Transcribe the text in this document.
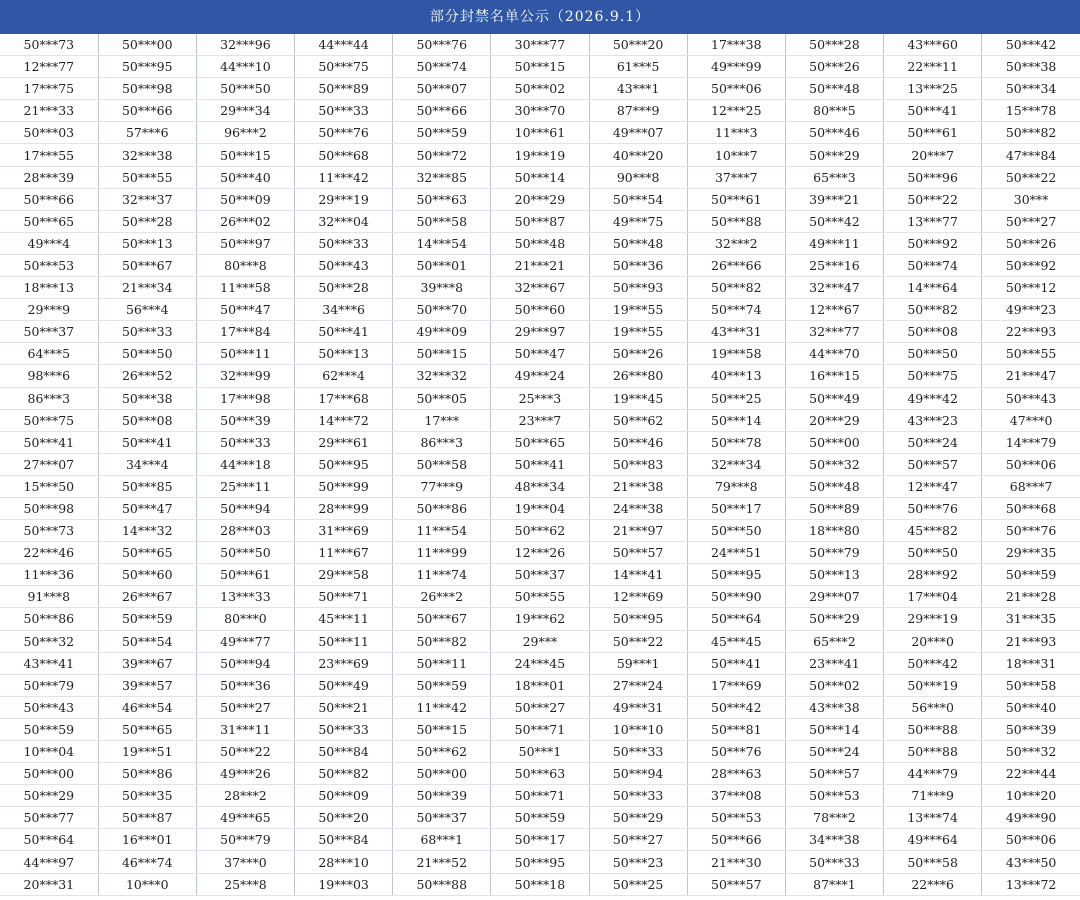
部分封禁名单公示（2026.9.1）
50***73	50***00	32***96	44***44	50***76	30***77	50***20	17***38	50***28	43***60	50***42
12***77	50***95	44***10	50***75	50***74	50***15	61***5	49***99	50***26	22***11	50***38
17***75	50***98	50***50	50***89	50***07	50***02	43***1	50***06	50***48	13***25	50***34
21***33	50***66	29***34	50***33	50***66	30***70	87***9	12***25	80***5	50***41	15***78
50***03	57***6	96***2	50***76	50***59	10***61	49***07	11***3	50***46	50***61	50***82
17***55	32***38	50***15	50***68	50***72	19***19	40***20	10***7	50***29	20***7	47***84
28***39	50***55	50***40	11***42	32***85	50***14	90***8	37***7	65***3	50***96	50***22
50***66	32***37	50***09	29***19	50***63	20***29	50***54	50***61	39***21	50***22	30***
50***65	50***28	26***02	32***04	50***58	50***87	49***75	50***88	50***42	13***77	50***27
49***4	50***13	50***97	50***33	14***54	50***48	50***48	32***2	49***11	50***92	50***26
50***53	50***67	80***8	50***43	50***01	21***21	50***36	26***66	25***16	50***74	50***92
18***13	21***34	11***58	50***28	39***8	32***67	50***93	50***82	32***47	14***64	50***12
29***9	56***4	50***47	34***6	50***70	50***60	19***55	50***74	12***67	50***82	49***23
50***37	50***33	17***84	50***41	49***09	29***97	19***55	43***31	32***77	50***08	22***93
64***5	50***50	50***11	50***13	50***15	50***47	50***26	19***58	44***70	50***50	50***55
98***6	26***52	32***99	62***4	32***32	49***24	26***80	40***13	16***15	50***75	21***47
86***3	50***38	17***98	17***68	50***05	25***3	19***45	50***25	50***49	49***42	50***43
50***75	50***08	50***39	14***72	17***	23***7	50***62	50***14	20***29	43***23	47***0
50***41	50***41	50***33	29***61	86***3	50***65	50***46	50***78	50***00	50***24	14***79
27***07	34***4	44***18	50***95	50***58	50***41	50***83	32***34	50***32	50***57	50***06
15***50	50***85	25***11	50***99	77***9	48***34	21***38	79***8	50***48	12***47	68***7
50***98	50***47	50***94	28***99	50***86	19***04	24***38	50***17	50***89	50***76	50***68
50***73	14***32	28***03	31***69	11***54	50***62	21***97	50***50	18***80	45***82	50***76
22***46	50***65	50***50	11***67	11***99	12***26	50***57	24***51	50***79	50***50	29***35
11***36	50***60	50***61	29***58	11***74	50***37	14***41	50***95	50***13	28***92	50***59
91***8	26***67	13***33	50***71	26***2	50***55	12***69	50***90	29***07	17***04	21***28
50***86	50***59	80***0	45***11	50***67	19***62	50***95	50***64	50***29	29***19	31***35
50***32	50***54	49***77	50***11	50***82	29***	50***22	45***45	65***2	20***0	21***93
43***41	39***67	50***94	23***69	50***11	24***45	59***1	50***41	23***41	50***42	18***31
50***79	39***57	50***36	50***49	50***59	18***01	27***24	17***69	50***02	50***19	50***58
50***43	46***54	50***27	50***21	11***42	50***27	49***31	50***42	43***38	56***0	50***40
50***59	50***65	31***11	50***33	50***15	50***71	10***10	50***81	50***14	50***88	50***39
10***04	19***51	50***22	50***84	50***62	50***1	50***33	50***76	50***24	50***88	50***32
50***00	50***86	49***26	50***82	50***00	50***63	50***94	28***63	50***57	44***79	22***44
50***29	50***35	28***2	50***09	50***39	50***71	50***33	37***08	50***53	71***9	10***20
50***77	50***87	49***65	50***20	50***37	50***59	50***29	50***53	78***2	13***74	49***90
50***64	16***01	50***79	50***84	68***1	50***17	50***27	50***66	34***38	49***64	50***06
44***97	46***74	37***0	28***10	21***52	50***95	50***23	21***30	50***33	50***58	43***50
20***31	10***0	25***8	19***03	50***88	50***18	50***25	50***57	87***1	22***6	13***72
